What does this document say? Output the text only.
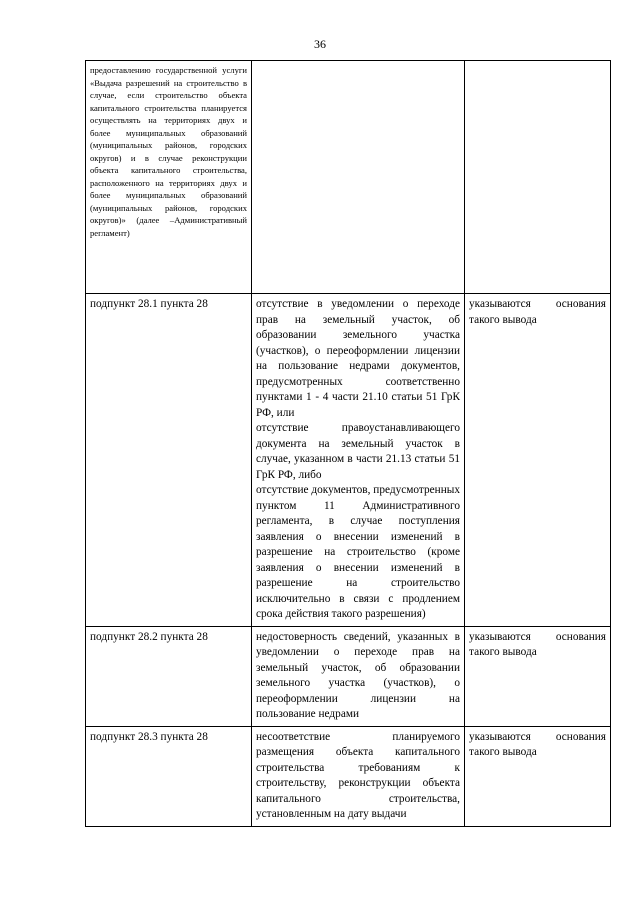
36
предоставлению государственной услуги «Выдача разрешений на строительство в случае, если строительство объекта капитального строительства планируется осуществлять на территориях двух и более муниципальных образований (муниципальных районов, городских округов) и в случае реконструкции объекта капитального строительства, расположенного на территориях двух и более муниципальных образований (муниципальных районов, городских округов)» (далее –Административный регламент)		
подпункт 28.1 пункта 28	отсутствие в уведомлении о переходе прав на земельный участок, об образовании земельного участка (участков), о переоформлении лицензии на пользование недрами документов, предусмотренных соответственно пунктами 1 - 4 части 21.10 статьи 51 ГрК РФ, или
отсутствие правоустанавливающего документа на земельный участок в случае, указанном в части 21.13 статьи 51 ГрК РФ, либо
отсутствие документов, предусмотренных пунктом 11 Административного регламента, в случае поступления заявления о внесении изменений в разрешение на строительство (кроме заявления о внесении изменений в разрешение на строительство исключительно в связи с продлением срока действия такого разрешения)	указываются основания такого вывода
подпункт 28.2 пункта 28	недостоверность сведений, указанных в уведомлении о переходе прав на земельный участок, об образовании земельного участка (участков), о переоформлении лицензии на пользование недрами	указываются основания такого вывода
подпункт 28.3 пункта 28	несоответствие планируемого размещения объекта капитального строительства требованиям к строительству, реконструкции объекта капитального строительства, установленным на дату выдачи	указываются основания такого вывода
